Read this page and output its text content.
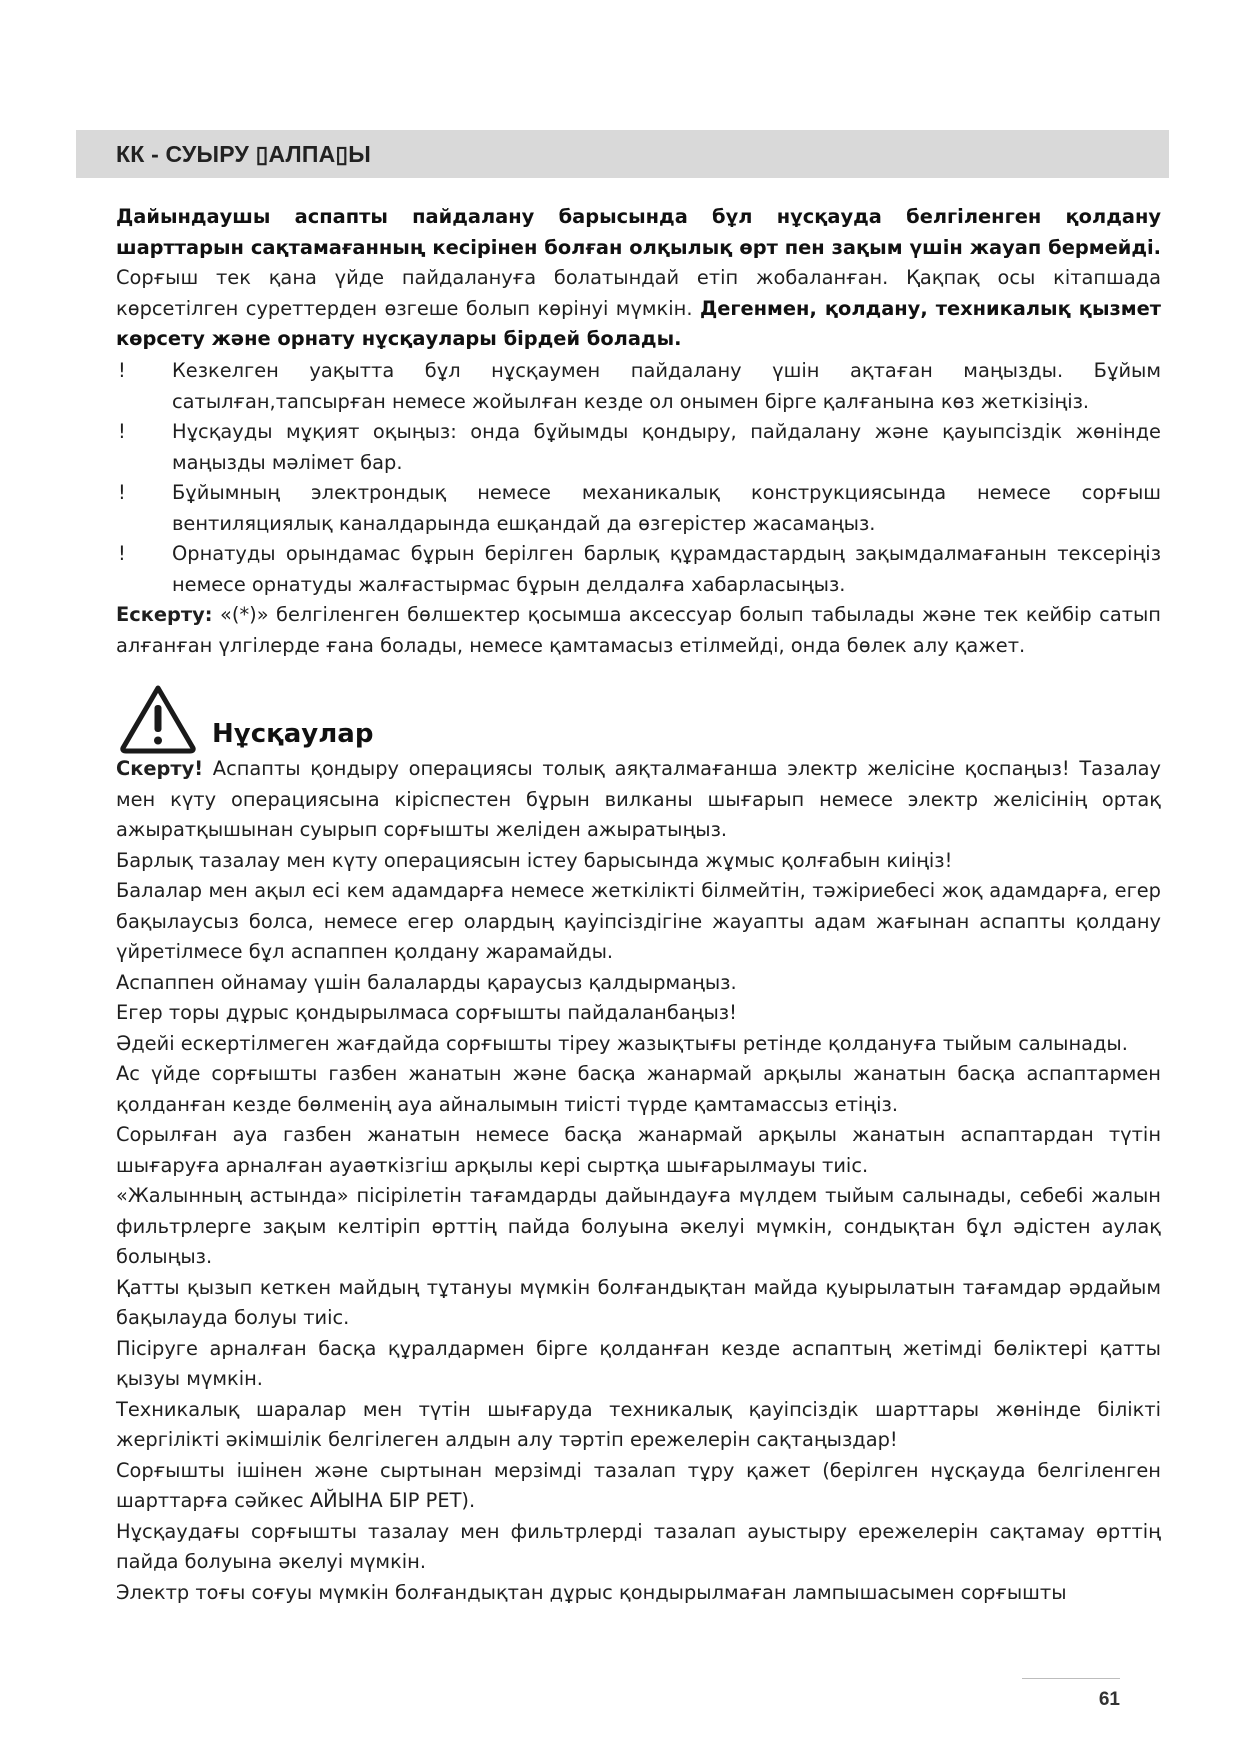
КК - СУЫРУ ▯АЛПА▯Ы
Дайындаушы аспапты пайдалану барысында бұл нұсқауда белгіленген қолдану шарттарын сақтамағанның кесірінен болған олқылық өрт пен зақым үшін жауап бермейді. Сорғыш тек қана үйде пайдалануға болатындай етіп жобаланған. Қақпақ осы кітапшада көрсетілген суреттерден өзгеше болып көрінуі мүмкін. Дегенмен, қолдану, техникалық қызмет көрсету және орнату нұсқаулары бірдей болады.
! Кезкелген уақытта бұл нұсқаумен пайдалану үшін ақтаған маңызды. Бұйым сатылған,тапсырған немесе жойылған кезде ол онымен бірге қалғанына көз жеткізіңіз.
! Нұсқауды мұқият оқыңыз: онда бұйымды қондыру, пайдалану және қауыпсіздік жөнінде маңызды мәлімет бар.
! Бұйымның электрондық немесе механикалық конструкциясында немесе сорғыш вентиляциялық каналдарында ешқандай да өзгерістер жасамаңыз.
! Орнатуды орындамас бұрын берілген барлық құрамдастардың зақымдалмағанын тексеріңіз немесе орнатуды жалғастырмас бұрын делдалға хабарласыңыз.
Ескерту: «(*)» белгіленген бөлшектер қосымша аксессуар болып табылады және тек кейбір сатып алғанған үлгілерде ғана болады, немесе қамтамасыз етілмейді, онда бөлек алу қажет.
Нұсқаулар

Скерту! Аспапты қондыру операциясы толық аяқталмағанша электр желісіне қоспаңыз! Тазалау мен күту операциясына кіріспестен бұрын вилканы шығарып немесе электр желісінің ортақ ажыратқышынан суырып сорғышты желіден ажыратыңыз.

Барлық тазалау мен күту операциясын істеу барысында жұмыс қолғабын киіңіз!

Балалар мен ақыл есі кем адамдарға немесе жеткілікті білмейтін, тәжіриебесі жоқ адамдарға, егер бақылаусыз болса, немесе егер олардың қауіпсіздігіне жауапты адам жағынан аспапты қолдану үйретілмесе бұл аспаппен қолдану жарамайды.

Аспаппен ойнамау үшін балаларды қараусыз қалдырмаңыз.

Егер торы дұрыс қондырылмаса сорғышты пайдаланбаңыз!

Әдейі ескертілмеген жағдайда сорғышты тіреу жазықтығы ретінде қолдануға тыйым салынады.

Ас үйде сорғышты газбен жанатын және басқа жанармай арқылы жанатын басқа аспаптармен қолданған кезде бөлменің ауа айналымын тиісті түрде қамтамассыз етіңіз.

Сорылған ауа газбен жанатын немесе басқа жанармай арқылы жанатын аспаптардан түтін шығаруға арналған ауаөткізгіш арқылы кері сыртқа шығарылмауы тиіс.

«Жалынның астында» пісірілетін тағамдарды дайындауға мүлдем тыйым салынады, себебі жалын фильтрлерге зақым келтіріп өрттің пайда болуына әкелуі мүмкін, сондықтан бұл әдістен аулақ болыңыз.

Қатты қызып кеткен майдың тұтануы мүмкін болғандықтан майда қуырылатын тағамдар әрдайым бақылауда болуы тиіс.

Пісіруге арналған басқа құралдармен бірге қолданған кезде аспаптың жетімді бөліктері қатты қызуы мүмкін.

Техникалық шаралар мен түтін шығаруда техникалық қауіпсіздік шарттары жөнінде білікті жергілікті әкімшілік белгілеген алдын алу тәртіп ережелерін сақтаңыздар!

Сорғышты ішінен және сыртынан мерзімді тазалап тұру қажет (берілген нұсқауда белгіленген шарттарға сәйкес АЙЫНА БІР РЕТ).

Нұсқаудағы сорғышты тазалау мен фильтрлерді тазалап ауыстыру ережелерін сақтамау өрттің пайда болуына әкелуі мүмкін.

Электр тоғы соғуы мүмкін болғандықтан дұрыс қондырылмаған лампышасымен сорғышты

61
